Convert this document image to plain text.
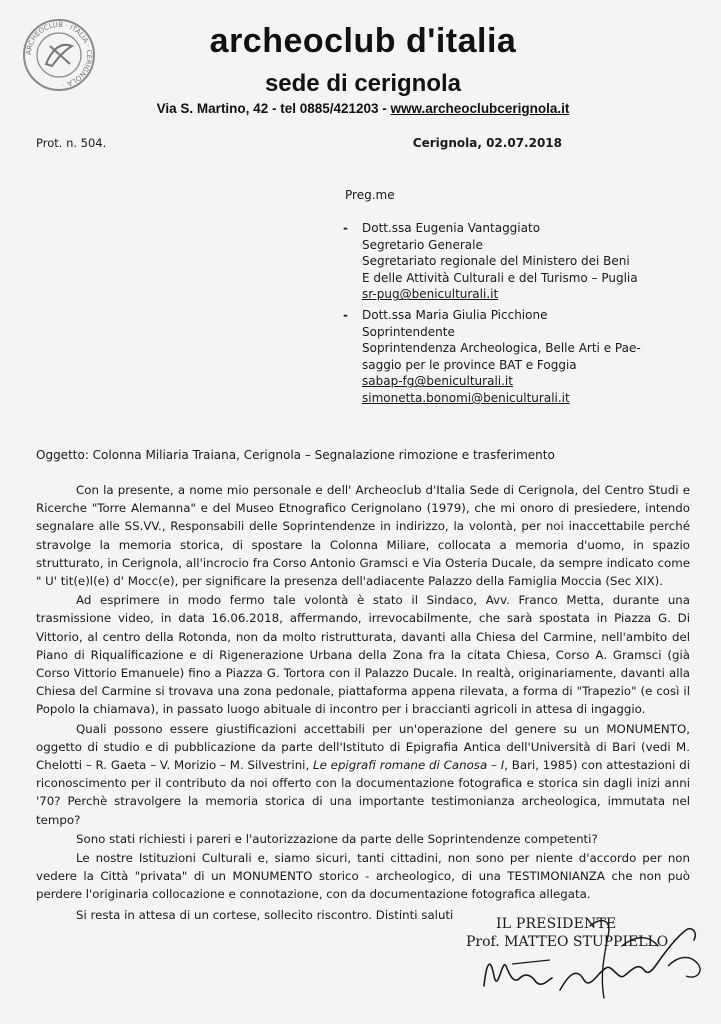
ARCHEOCLUB · ITALIA · CERIGNOLA ·
archeoclub d'italia
sede di cerignola
Via S. Martino, 42 - tel 0885/421203 - www.archeoclubcerignola.it
Prot. n. 504.	Cerignola, 02.07.2018
Preg.me
- Dott.ssa Eugenia Vantaggiato
Segretario Generale
Segretariato regionale del Ministero dei Beni
E delle Attività Culturali e del Turismo – Puglia
sr-pug@beniculturali.it
- Dott.ssa Maria Giulia Picchione
Soprintendente
Soprintendenza Archeologica, Belle Arti e Pae-
saggio per le province BAT e Foggia
sabap-fg@beniculturali.it
simonetta.bonomi@beniculturali.it
Oggetto: Colonna Miliaria Traiana, Cerignola – Segnalazione rimozione e trasferimento

Con la presente, a nome mio personale e dell' Archeoclub d'Italia Sede di Cerignola, del Centro Studi e Ricerche "Torre Alemanna" e del Museo Etnografico Cerignolano (1979), che mi onoro di presiedere, intendo segnalare alle SS.VV., Responsabili delle Soprintendenze in indirizzo, la volontà, per noi inaccettabile perché stravolge la memoria storica, di spostare la Colonna Miliare, collocata a memoria d'uomo, in spazio strutturato, in Cerignola, all'incrocio fra Corso Antonio Gramsci e Via Osteria Ducale, da sempre indicato come " U' tit(e)l(e) d' Mocc(e), per significare la presenza dell'adiacente Palazzo della Famiglia Moccia (Sec XIX).

Ad esprimere in modo fermo tale volontà è stato il Sindaco, Avv. Franco Metta, durante una trasmissione video, in data 16.06.2018, affermando, irrevocabilmente, che sarà spostata in Piazza G. Di Vittorio, al centro della Rotonda, non da molto ristrutturata, davanti alla Chiesa del Carmine, nell'ambito del Piano di Riqualificazione e di Rigenerazione Urbana della Zona fra la citata Chiesa, Corso A. Gramsci (già Corso Vittorio Emanuele) fino a Piazza G. Tortora con il Palazzo Ducale. In realtà, originariamente, davanti alla Chiesa del Carmine si trovava una zona pedonale, piattaforma appena rilevata, a forma di "Trapezio" (e così il Popolo la chiamava), in passato luogo abituale di incontro per i braccianti agricoli in attesa di ingaggio.

Quali possono essere giustificazioni accettabili per un'operazione del genere su un MONUMENTO, oggetto di studio e di pubblicazione da parte dell'Istituto di Epigrafia Antica dell'Università di Bari (vedi M. Chelotti – R. Gaeta – V. Morizio – M. Silvestrini, Le epigrafi romane di Canosa – I, Bari, 1985) con attestazioni di riconoscimento per il contributo da noi offerto con la documentazione fotografica e storica sin dagli inizi anni '70? Perchè stravolgere la memoria storica di una importante testimonianza archeologica, immutata nel tempo?

Sono stati richiesti i pareri e l'autorizzazione da parte delle Soprintendenze competenti?

Le nostre Istituzioni Culturali e, siamo sicuri, tanti cittadini, non sono per niente d'accordo per non vedere la Città "privata" di un MONUMENTO storico - archeologico, di una TESTIMONIANZA che non può perdere l'originaria collocazione e connotazione, con da documentazione fotografica allegata.

Si resta in attesa di un cortese, sollecito riscontro. Distinti saluti
IL PRESIDENTE
Prof. MATTEO STUPPIELLO
